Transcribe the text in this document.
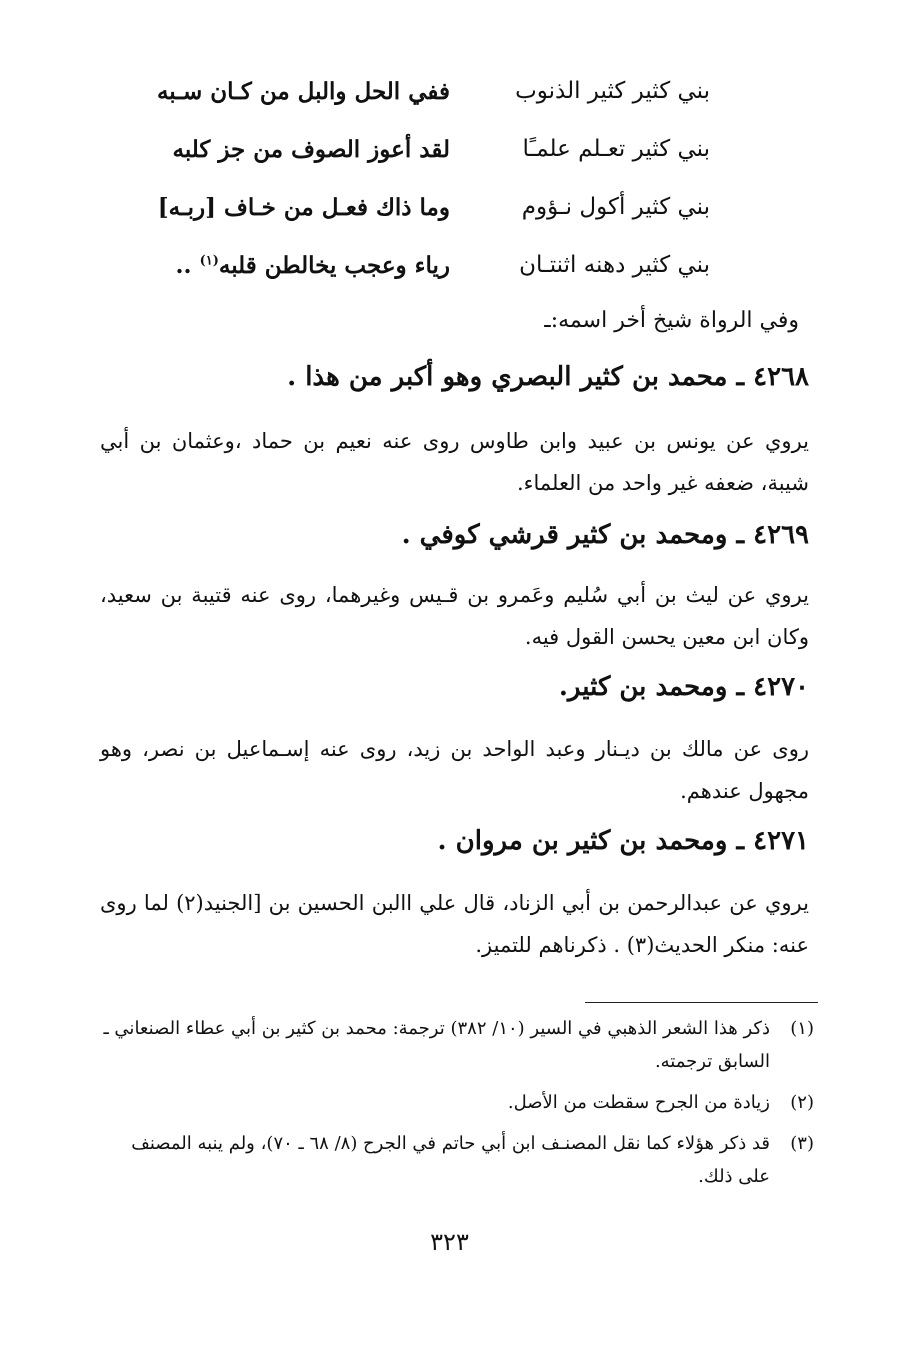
بني كثير كثير الذنوب
ففي الحل والبل من كـان سـبه
بني كثير تعـلم علمـًا
لقد أعوز الصوف من جز كلبه
بني كثير أكول نـؤوم
وما ذاك فعـل من خـاف [ربـه]
بني كثير دهنه اثنتـان
رياء وعجب يخالطن قلبه$^{(١)}$ ..
وفي الرواة شيخ أخر اسمه:ـ
٤٢٦٨ ـ محمد بن كثير البصري وهو أكبر من هذا .
يروي عن يونس بن عبيد وابن طاوس روى عنه نعيم بن حماد ،وعثمان بن أبي شيبة، ضعفه غير واحد من العلماء.
٤٢٦٩ ـ ومحمد بن كثير قرشي كوفي .
يروي عن ليث بن أبي سُليم وعَمرو بن قـيس وغيرهما، روى عنه قتيبة بن سعيد، وكان ابن معين يحسن القول فيه.
٤٢٧٠ ـ ومحمد بن كثير.
روى عن مالك بن ديـنار وعبد الواحد بن زيد، روى عنه إسـماعيل بن نصر، وهو مجهول عندهم.
٤٢٧١ ـ ومحمد بن كثير بن مروان .
يروي عن عبدالرحمن بن أبي الزناد، قال علي االبن الحسين بن [الجنيد(٢) لما روى عنه: منكر الحديث(٣) . ذكرناهم للتميز.
(١)
ذكر هذا الشعر الذهبي في السير (١٠/ ٣٨٢) ترجمة: محمد بن كثير بن أبي عطاء الصنعاني ـ السابق ترجمته.
(٢)
زيادة من الجرح سقطت من الأصل.
(٣)
قد ذكر هؤلاء كما نقل المصنـف ابن أبي حاتم في الجرح (٨/ ٦٨ ـ ٧٠)، ولم ينبه المصنف على ذلك.
٣٢٣
